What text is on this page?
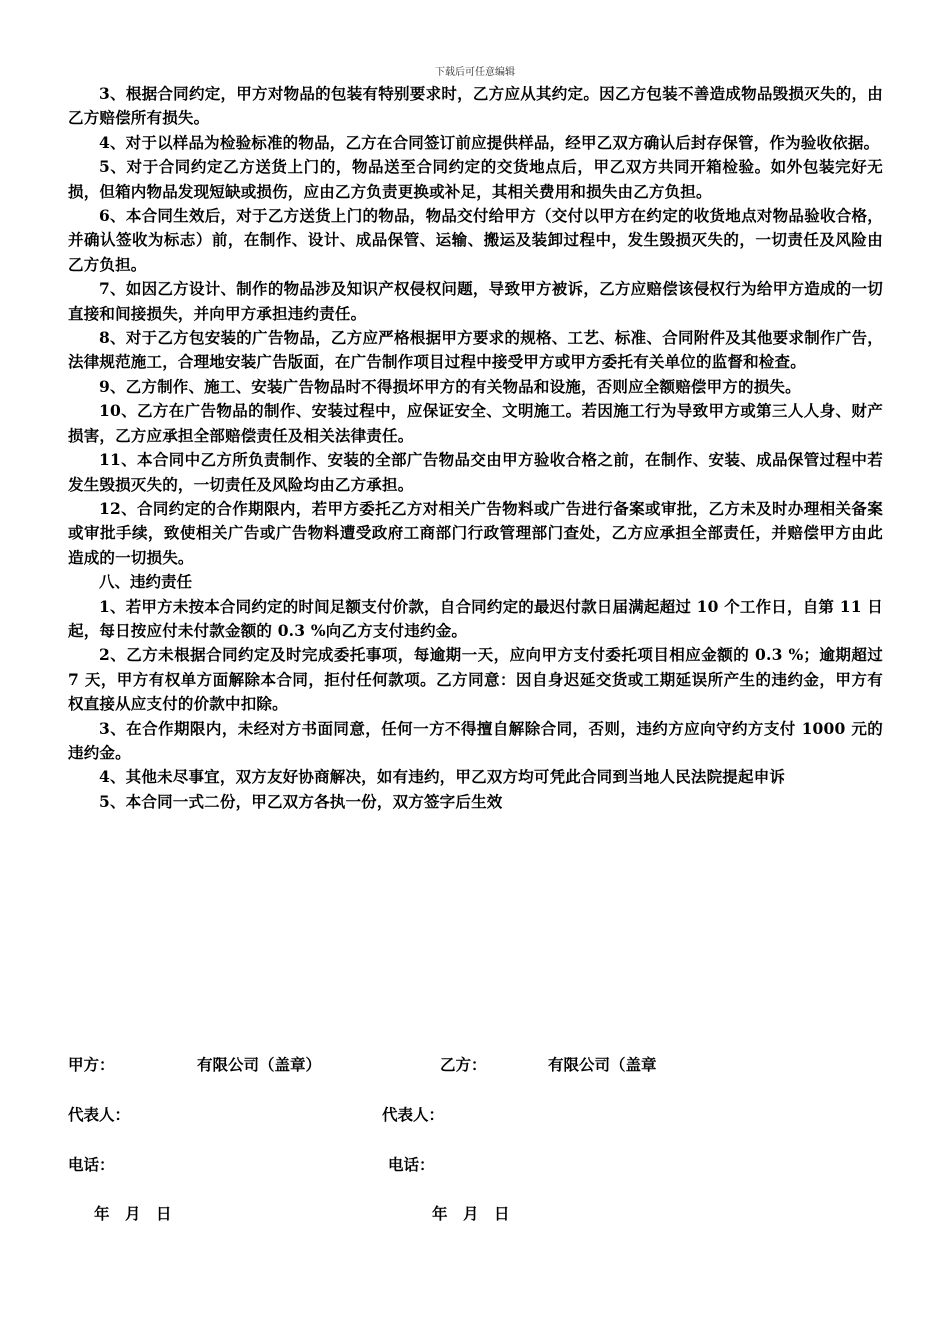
下载后可任意编辑

3、根据合同约定，甲方对物品的包装有特别要求时，乙方应从其约定。因乙方包装不善造成物品毁损灭失的，由乙方赔偿所有损失。

4、对于以样品为检验标准的物品，乙方在合同签订前应提供样品，经甲乙双方确认后封存保管，作为验收依据。

5、对于合同约定乙方送货上门的，物品送至合同约定的交货地点后，甲乙双方共同开箱检验。如外包装完好无损，但箱内物品发现短缺或损伤，应由乙方负责更换或补足，其相关费用和损失由乙方负担。

6、本合同生效后，对于乙方送货上门的物品，物品交付给甲方（交付以甲方在约定的收货地点对物品验收合格，并确认签收为标志）前，在制作、设计、成品保管、运输、搬运及装卸过程中，发生毁损灭失的，一切责任及风险由乙方负担。

7、如因乙方设计、制作的物品涉及知识产权侵权问题，导致甲方被诉，乙方应赔偿该侵权行为给甲方造成的一切直接和间接损失，并向甲方承担违约责任。

8、对于乙方包安装的广告物品，乙方应严格根据甲方要求的规格、工艺、标准、合同附件及其他要求制作广告，法律规范施工，合理地安装广告版面，在广告制作项目过程中接受甲方或甲方委托有关单位的监督和检查。

9、乙方制作、施工、安装广告物品时不得损坏甲方的有关物品和设施，否则应全额赔偿甲方的损失。

10、乙方在广告物品的制作、安装过程中，应保证安全、文明施工。若因施工行为导致甲方或第三人人身、财产损害，乙方应承担全部赔偿责任及相关法律责任。

11、本合同中乙方所负责制作、安装的全部广告物品交由甲方验收合格之前，在制作、安装、成品保管过程中若发生毁损灭失的，一切责任及风险均由乙方承担。

12、合同约定的合作期限内，若甲方委托乙方对相关广告物料或广告进行备案或审批，乙方未及时办理相关备案或审批手续，致使相关广告或广告物料遭受政府工商部门行政管理部门查处，乙方应承担全部责任，并赔偿甲方由此造成的一切损失。

八、违约责任

1、若甲方未按本合同约定的时间足额支付价款，自合同约定的最迟付款日届满起超过 10 个工作日，自第 11 日起，每日按应付未付款金额的 0.3 %向乙方支付违约金。

2、乙方未根据合同约定及时完成委托事项，每逾期一天，应向甲方支付委托项目相应金额的 0.3 %；逾期超过 7 天，甲方有权单方面解除本合同，拒付任何款项。乙方同意：因自身迟延交货或工期延误所产生的违约金，甲方有权直接从应支付的价款中扣除。

3、在合作期限内，未经对方书面同意，任何一方不得擅自解除合同，否则，违约方应向守约方支付 1000 元的违约金。

4、其他未尽事宜，双方友好协商解决，如有违约，甲乙双方均可凭此合同到当地人民法院提起申诉

5、本合同一式二份，甲乙双方各执一份，双方签字后生效

甲方：	有限公司（盖章）	乙方：	有限公司（盖章
代表人：	代表人：
电话：	电话：
年　月　日	年　月　日
